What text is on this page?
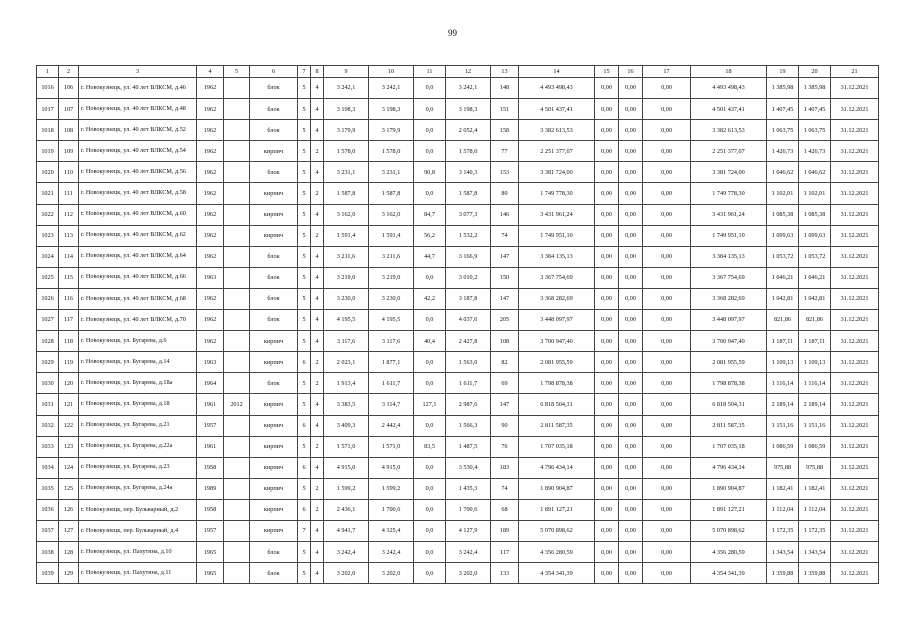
99
1	2	3	4	5	6	7	8	9	10	11	12	13	14	15	16	17	18	19	20	21
1016	106	г. Новокузнецк, ул. 40 лет ВЛКСМ, д.46	1962		блок	5	4	3 242,1	3 242,1	0,0	3 242,1	148	4 493 498,43	0,00	0,00	0,00	4 493 498,43	1 385,98	1 385,98	31.12.2021
1017	107	г. Новокузнецк, ул. 40 лет ВЛКСМ, д.48	1962		блок	5	4	3 198,3	3 198,3	0,0	3 198,3	151	4 501 437,41	0,00	0,00	0,00	4 501 437,41	1 407,45	1 407,45	31.12.2021
1018	108	г. Новокузнецк, ул. 40 лет ВЛКСМ, д.52	1962		блок	5	4	3 179,9	3 179,9	0,0	2 052,4	158	3 382 613,53	0,00	0,00	0,00	3 382 613,53	1 063,75	1 063,75	31.12.2021
1019	109	г. Новокузнецк, ул. 40 лет ВЛКСМ, д.54	1962		кирпич	5	2	1 578,0	1 578,0	0,0	1 578,0	77	2 251 377,07	0,00	0,00	0,00	2 251 377,07	1 426,73	1 426,73	31.12.2021
1020	110	г. Новокузнецк, ул. 40 лет ВЛКСМ, д.56	1962		блок	5	4	3 231,1	3 231,1	90,8	3 140,3	153	3 381 724,00	0,00	0,00	0,00	3 381 724,00	1 046,62	1 046,62	31.12.2021
1021	111	г. Новокузнецк, ул. 40 лет ВЛКСМ, д.58	1962		кирпич	5	2	1 587,8	1 587,8	0,0	1 587,8	80	1 749 778,30	0,00	0,00	0,00	1 749 778,30	1 102,01	1 102,01	31.12.2021
1022	112	г. Новокузнецк, ул. 40 лет ВЛКСМ, д.60	1962		кирпич	5	4	3 162,0	3 162,0	84,7	3 077,3	146	3 431 961,24	0,00	0,00	0,00	3 431 961,24	1 085,38	1 085,38	31.12.2021
1023	113	г. Новокузнецк, ул. 40 лет ВЛКСМ, д.62	1962		кирпич	5	2	1 591,4	1 591,4	56,2	1 532,2	74	1 749 951,10	0,00	0,00	0,00	1 749 951,10	1 099,63	1 099,63	31.12.2021
1024	114	г. Новокузнецк, ул. 40 лет ВЛКСМ, д.64	1962		блок	5	4	3 211,6	3 211,6	44,7	3 166,9	147	3 384 135,13	0,00	0,00	0,00	3 384 135,13	1 053,72	1 053,72	31.12.2021
1025	115	г. Новокузнецк, ул. 40 лет ВЛКСМ, д.66	1963		блок	5	4	3 219,0	3 219,0	0,0	3 010,2	150	3 367 754,69	0,00	0,00	0,00	3 367 754,69	1 046,21	1 046,21	31.12.2021
1026	116	г. Новокузнецк, ул. 40 лет ВЛКСМ, д.68	1962		блок	5	4	3 230,0	3 230,0	42,2	3 187,8	147	3 368 282,69	0,00	0,00	0,00	3 368 282,69	1 042,81	1 042,81	31.12.2021
1027	117	г. Новокузнецк, ул. 40 лет ВЛКСМ, д.70	1962		блок	5	4	4 195,5	4 195,5	0,0	4 037,0	205	3 448 097,97	0,00	0,00	0,00	3 448 097,97	821,86	821,86	31.12.2021
1028	118	г. Новокузнецк, ул. Бугарева, д.6	1962		кирпич	5	4	3 117,6	3 117,6	40,4	2 427,8	108	3 700 947,40	0,00	0,00	0,00	3 700 947,40	1 187,11	1 187,11	31.12.2021
1029	119	г. Новокузнецк, ул. Бугарева, д.14	1963		кирпич	6	2	2 023,1	1 877,1	0,0	1 563,0	82	2 081 955,59	0,00	0,00	0,00	2 081 955,59	1 109,13	1 109,13	31.12.2021
1030	120	г. Новокузнецк, ул. Бугарева, д.18а	1964		блок	5	2	1 913,4	1 611,7	0,0	1 611,7	69	1 798 878,38	0,00	0,00	0,00	1 798 878,38	1 116,14	1 116,14	31.12.2021
1031	121	г. Новокузнецк, ул. Бугарева, д.18	1961	2012	кирпич	5	4	3 383,5	3 114,7	127,1	2 987,6	147	6 818 504,31	0,00	0,00	0,00	6 818 504,31	2 189,14	2 189,14	31.12.2021
1032	122	г. Новокузнецк, ул. Бугарева, д.21	1957		кирпич	6	4	3 409,3	2 442,4	0,0	1 566,3	90	2 811 587,35	0,00	0,00	0,00	2 811 587,35	1 151,16	1 151,16	31.12.2021
1033	123	г. Новокузнецк, ул. Бугарева, д.22а	1961		кирпич	5	2	1 571,0	1 571,0	83,5	1 487,5	76	1 707 035,18	0,00	0,00	0,00	1 707 035,18	1 086,59	1 086,59	31.12.2021
1034	124	г. Новокузнецк, ул. Бугарева, д.23	1958		кирпич	6	4	4 915,0	4 915,0	0,0	3 530,4	183	4 796 434,14	0,00	0,00	0,00	4 796 434,14	975,88	975,88	31.12.2021
1035	125	г. Новокузнецк, ул. Бугарева, д.24а	1989		кирпич	5	2	1 599,2	1 599,2	0,0	1 435,3	74	1 890 904,87	0,00	0,00	0,00	1 890 904,87	1 182,41	1 182,41	31.12.2021
1036	126	г. Новокузнецк, пер. Бульварный, д.2	1958		кирпич	6	2	2 436,1	1 700,6	0,0	1 700,6	68	1 891 127,21	0,00	0,00	0,00	1 891 127,21	1 112,04	1 112,04	31.12.2021
1037	127	г. Новокузнецк, пер. Бульварный, д.4	1957		кирпич	7	4	4 941,7	4 325,4	0,0	4 127,9	189	5 070 898,62	0,00	0,00	0,00	5 070 898,62	1 172,35	1 172,35	31.12.2021
1038	128	г. Новокузнецк, ул. Пахутина, д.10	1965		блок	5	4	3 242,4	3 242,4	0,0	3 242,4	117	4 356 280,59	0,00	0,00	0,00	4 356 280,59	1 343,54	1 343,54	31.12.2021
1039	129	г. Новокузнецк, ул. Пахутина, д.11	1965		блок	5	4	3 202,0	3 202,0	0,0	3 202,0	133	4 354 341,39	0,00	0,00	0,00	4 354 341,39	1 359,88	1 359,88	31.12.2021
